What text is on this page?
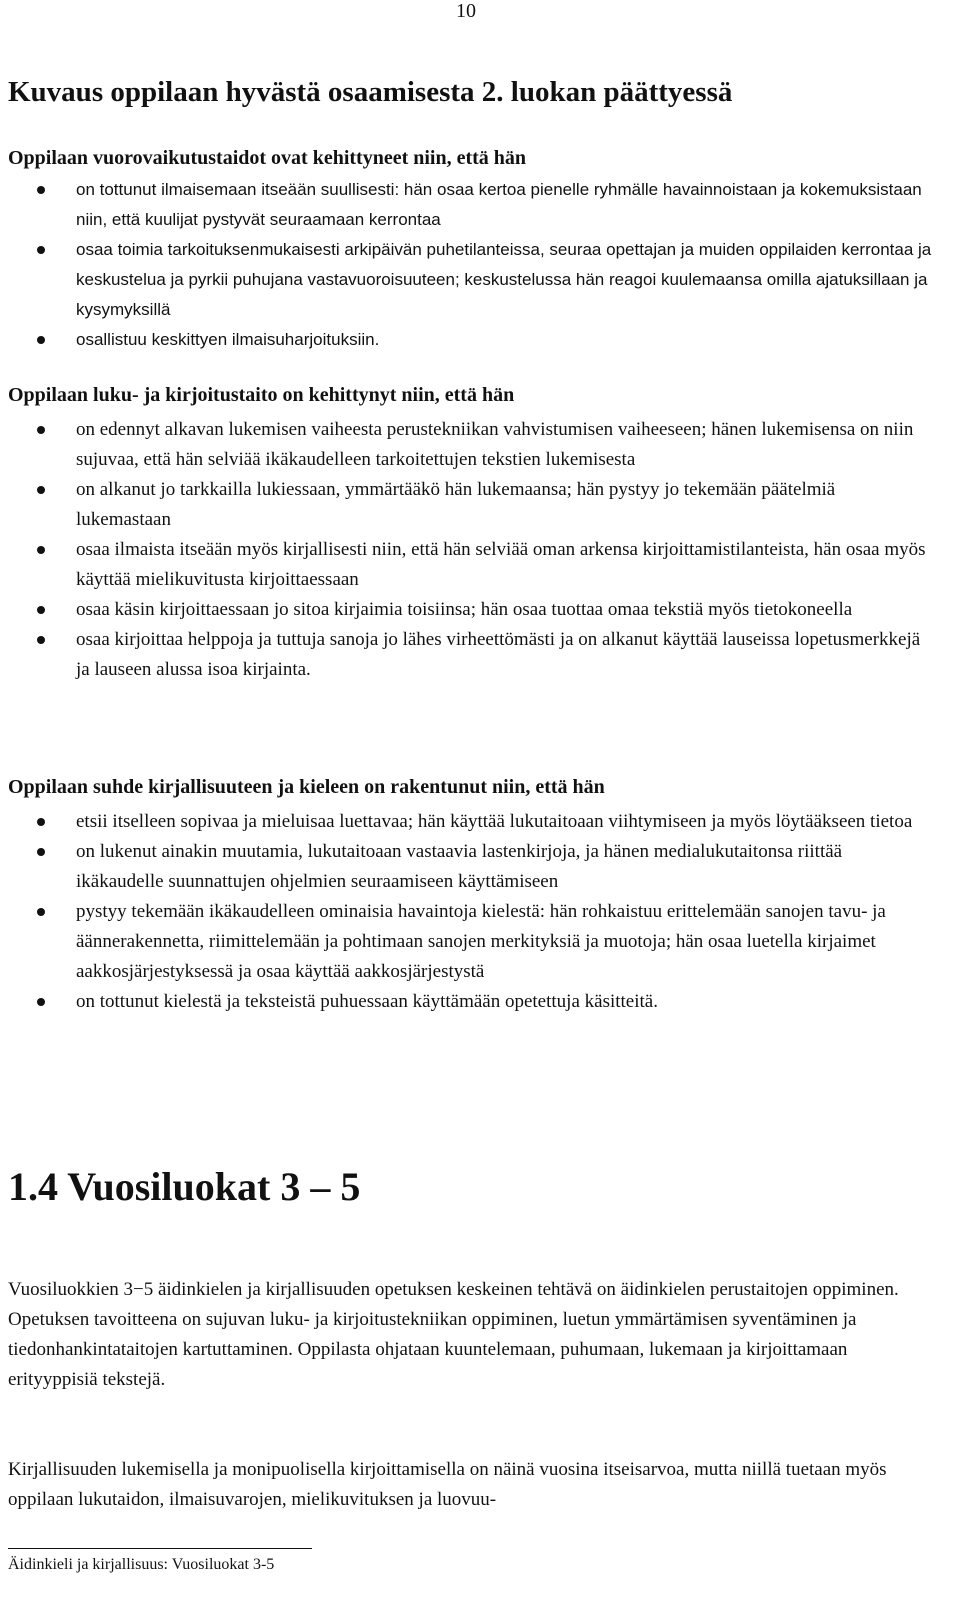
10
Kuvaus oppilaan hyvästä osaamisesta 2. luokan päättyessä
Oppilaan vuorovaikutustaidot ovat kehittyneet niin, että hän
on tottunut ilmaisemaan itseään suullisesti: hän osaa kertoa pienelle ryhmälle havainnoistaan ja kokemuksistaan niin, että kuulijat pystyvät seuraamaan kerrontaa
osaa toimia tarkoituksenmukaisesti arkipäivän puhetilanteissa, seuraa opettajan ja muiden oppilaiden kerrontaa ja keskustelua ja pyrkii puhujana vastavuoroisuuteen; keskustelussa hän reagoi kuulemaansa omilla ajatuksillaan ja kysymyksillä
osallistuu keskittyen ilmaisuharjoituksiin.
Oppilaan luku- ja kirjoitustaito on kehittynyt niin, että hän
on edennyt alkavan lukemisen vaiheesta perustekniikan vahvistumisen vaiheeseen; hänen lukemisensa on niin sujuvaa, että hän selviää ikäkaudelleen tarkoitettujen tekstien lukemisesta
on alkanut jo tarkkailla lukiessaan, ymmärtääkö hän lukemaansa; hän pystyy jo tekemään päätelmiä lukemastaan
osaa ilmaista itseään myös kirjallisesti niin, että hän selviää oman arkensa kirjoittamistilanteista, hän osaa myös käyttää mielikuvitusta kirjoittaessaan
osaa käsin kirjoittaessaan jo sitoa kirjaimia toisiinsa; hän osaa tuottaa omaa tekstiä myös tietokoneella
osaa kirjoittaa helppoja ja tuttuja sanoja jo lähes virheettömästi ja on alkanut käyttää lauseissa lopetusmerkkejä ja lauseen alussa isoa kirjainta.
Oppilaan suhde kirjallisuuteen ja kieleen on rakentunut niin, että hän
etsii itselleen sopivaa ja mieluisaa luettavaa; hän käyttää lukutaitoaan viihtymiseen ja myös löytääkseen tietoa
on lukenut ainakin muutamia, lukutaitoaan vastaavia lastenkirjoja, ja hänen medialukutaitonsa riittää ikäkaudelle suunnattujen ohjelmien seuraamiseen käyttämiseen
pystyy tekemään ikäkaudelleen ominaisia havaintoja kielestä: hän rohkaistuu erittelemään sanojen tavu- ja äännerakennetta, riimittelemään ja pohtimaan sanojen merkityksiä ja muotoja; hän osaa luetella kirjaimet aakkosjärjestyksessä ja osaa käyttää aakkosjärjestystä
on tottunut kielestä ja teksteistä puhuessaan käyttämään opetettuja käsitteitä.
1.4 Vuosiluokat 3 – 5

Vuosiluokkien 3−5 äidinkielen ja kirjallisuuden opetuksen keskeinen tehtävä on äidinkielen perustaitojen oppiminen. Opetuksen tavoitteena on sujuvan luku- ja kirjoitustekniikan oppiminen, luetun ymmärtämisen syventäminen ja tiedonhankintataitojen kartuttaminen. Oppilasta ohjataan kuuntelemaan, puhumaan, lukemaan ja kirjoittamaan erityyppisiä tekstejä.

Kirjallisuuden lukemisella ja monipuolisella kirjoittamisella on näinä vuosina itseisarvoa, mutta niillä tuetaan myös oppilaan lukutaidon, ilmaisuvarojen, mielikuvituksen ja luovuu-

Äidinkieli ja kirjallisuus: Vuosiluokat 3-5
